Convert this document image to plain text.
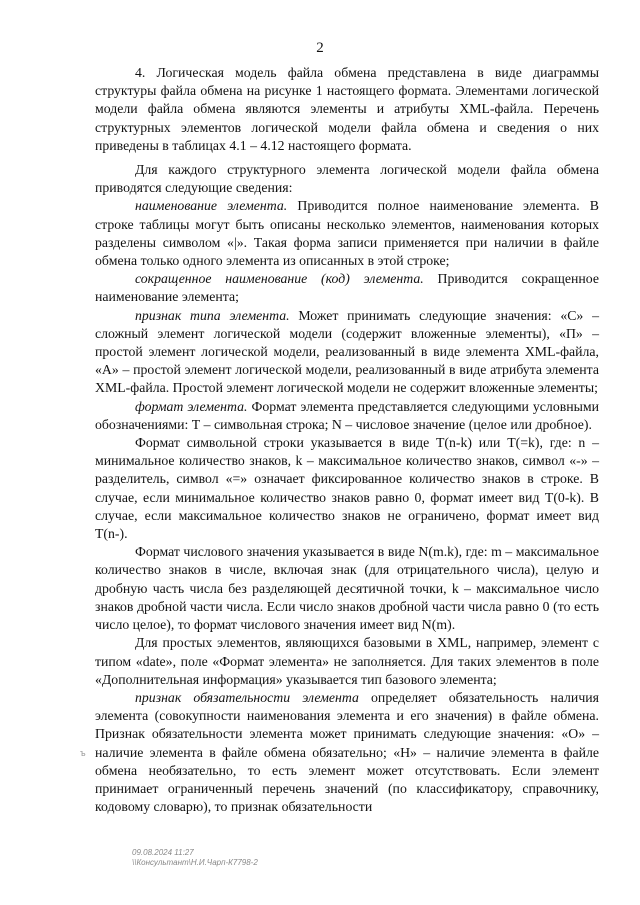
2

4. Логическая модель файла обмена представлена в виде диаграммы структуры файла обмена на рисунке 1 настоящего формата. Элементами логической модели файла обмена являются элементы и атрибуты XML-файла. Перечень структурных элементов логической модели файла обмена и сведения о них приведены в таблицах 4.1 – 4.12 настоящего формата.

Для каждого структурного элемента логической модели файла обмена приводятся следующие сведения:

наименование элемента. Приводится полное наименование элемента. В строке таблицы могут быть описаны несколько элементов, наименования которых разделены символом «|». Такая форма записи применяется при наличии в файле обмена только одного элемента из описанных в этой строке;

сокращенное наименование (код) элемента. Приводится сокращенное наименование элемента;

признак типа элемента. Может принимать следующие значения: «С» – сложный элемент логической модели (содержит вложенные элементы), «П» – простой элемент логической модели, реализованный в виде элемента XML-файла, «А» – простой элемент логической модели, реализованный в виде атрибута элемента XML-файла. Простой элемент логической модели не содержит вложенные элементы;

формат элемента. Формат элемента представляется следующими условными обозначениями: Т – символьная строка; N – числовое значение (целое или дробное).

Формат символьной строки указывается в виде Т(n-k) или Т(=k), где: n – минимальное количество знаков, k – максимальное количество знаков, символ «-» – разделитель, символ «=» означает фиксированное количество знаков в строке. В случае, если минимальное количество знаков равно 0, формат имеет вид Т(0-k). В случае, если максимальное количество знаков не ограничено, формат имеет вид Т(n-).

Формат числового значения указывается в виде N(m.k), где: m – максимальное количество знаков в числе, включая знак (для отрицательного числа), целую и дробную часть числа без разделяющей десятичной точки, k – максимальное число знаков дробной части числа. Если число знаков дробной части числа равно 0 (то есть число целое), то формат числового значения имеет вид N(m).

Для простых элементов, являющихся базовыми в XML, например, элемент с типом «date», поле «Формат элемента» не заполняется. Для таких элементов в поле «Дополнительная информация» указывается тип базового элемента;

признак обязательности элемента определяет обязательность наличия элемента (совокупности наименования элемента и его значения) в файле обмена. Признак обязательности элемента может принимать следующие значения: «О» – наличие элемента в файле обмена обязательно; «Н» – наличие элемента в файле обмена необязательно, то есть элемент может отсутствовать. Если элемент принимает ограниченный перечень значений (по классификатору, справочнику, кодовому словарю), то признак обязательности

ъ
09.08.2024 11:27
\\Консультант\Н.И.Чарп-К7798-2
